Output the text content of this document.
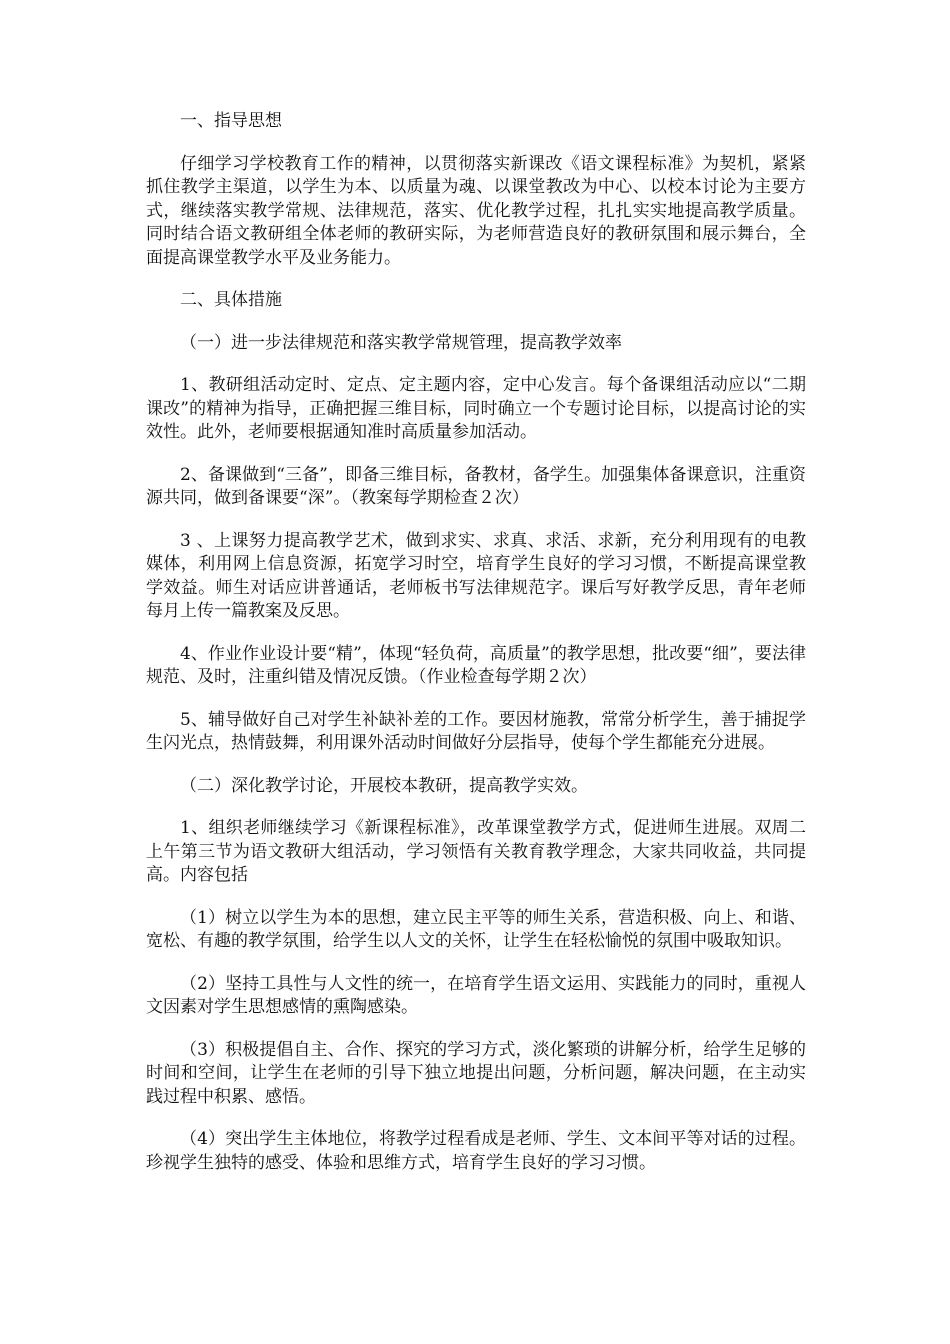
一、指导思想

仔细学习学校教育工作的精神，以贯彻落实新课改《语文课程标准》为契机，紧紧抓住教学主渠道，以学生为本、以质量为魂、以课堂教改为中心、以校本讨论为主要方式，继续落实教学常规、法律规范，落实、优化教学过程，扎扎实实地提高教学质量。同时结合语文教研组全体老师的教研实际，为老师营造良好的教研氛围和展示舞台，全面提高课堂教学水平及业务能力。

二、具体措施

（一）进一步法律规范和落实教学常规管理，提高教学效率

1、教研组活动定时、定点、定主题内容，定中心发言。每个备课组活动应以“二期课改”的精神为指导，正确把握三维目标，同时确立一个专题讨论目标，以提高讨论的实效性。此外，老师要根据通知准时高质量参加活动。

2、备课做到“三备”，即备三维目标，备教材，备学生。加强集体备课意识，注重资源共同，做到备课要“深”。（教案每学期检查２次）

3 、上课努力提高教学艺术，做到求实、求真、求活、求新，充分利用现有的电教媒体，利用网上信息资源，拓宽学习时空，培育学生良好的学习习惯，不断提高课堂教学效益。师生对话应讲普通话，老师板书写法律规范字。课后写好教学反思，青年老师每月上传一篇教案及反思。

4、作业作业设计要“精”，体现“轻负荷，高质量”的教学思想，批改要“细”，要法律规范、及时，注重纠错及情况反馈。（作业检查每学期２次）

5、辅导做好自己对学生补缺补差的工作。要因材施教，常常分析学生，善于捕捉学生闪光点，热情鼓舞，利用课外活动时间做好分层指导，使每个学生都能充分进展。

（二）深化教学讨论，开展校本教研，提高教学实效。

1、组织老师继续学习《新课程标准》，改革课堂教学方式，促进师生进展。双周二上午第三节为语文教研大组活动，学习领悟有关教育教学理念，大家共同收益，共同提高。内容包括

（1）树立以学生为本的思想，建立民主平等的师生关系，营造积极、向上、和谐、宽松、有趣的教学氛围，给学生以人文的关怀，让学生在轻松愉悦的氛围中吸取知识。

（2）坚持工具性与人文性的统一，在培育学生语文运用、实践能力的同时，重视人文因素对学生思想感情的熏陶感染。

（3）积极提倡自主、合作、探究的学习方式，淡化繁琐的讲解分析，给学生足够的时间和空间，让学生在老师的引导下独立地提出问题，分析问题，解决问题，在主动实践过程中积累、感悟。

（4）突出学生主体地位，将教学过程看成是老师、学生、文本间平等对话的过程。珍视学生独特的感受、体验和思维方式，培育学生良好的学习习惯。
